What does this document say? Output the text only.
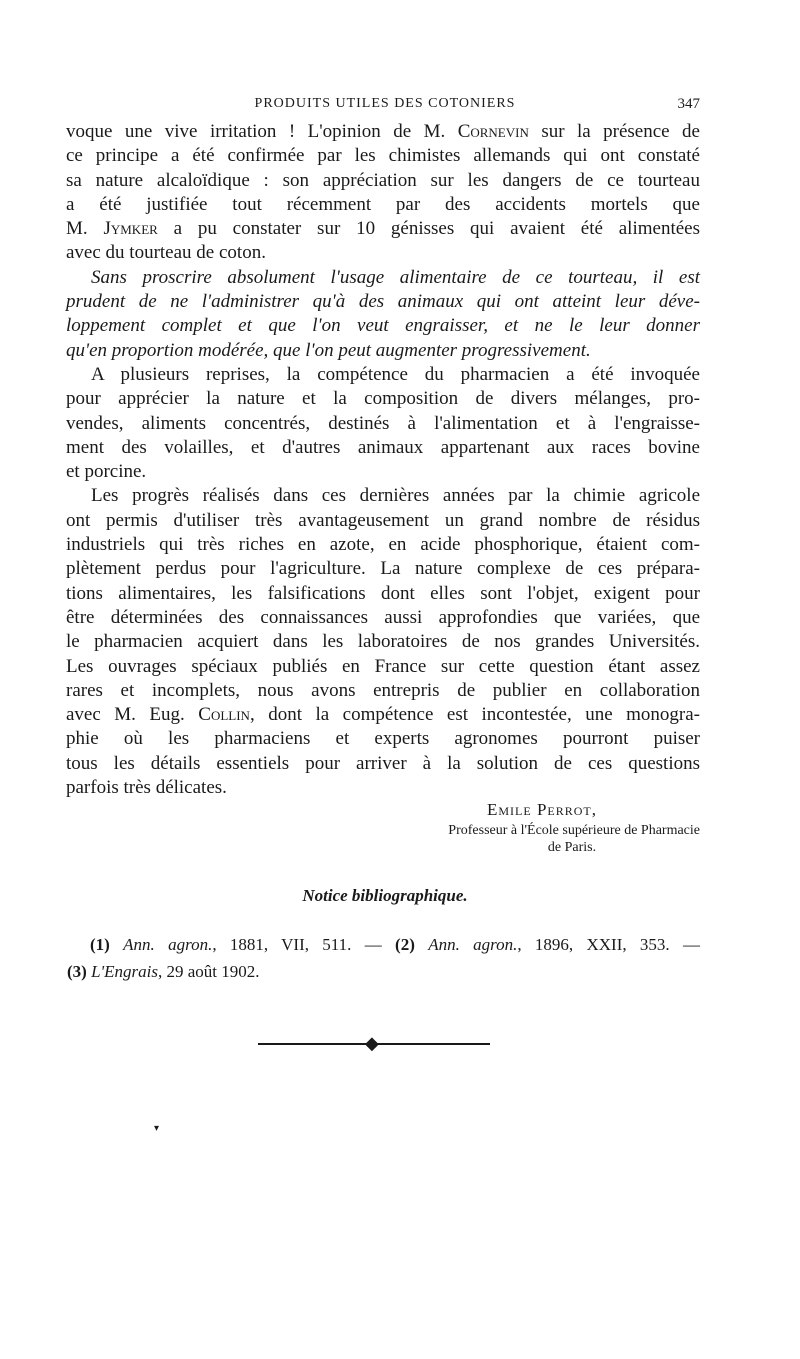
PRODUITS UTILES DES COTONIERS	347
voque une vive irritation ! L'opinion de M. Cornevin sur la présence de
ce principe a été confirmée par les chimistes allemands qui ont constaté
sa nature alcaloïdique : son appréciation sur les dangers de ce tourteau
a été justifiée tout récemment par des accidents mortels que
M. Jymker a pu constater sur 10 génisses qui avaient été alimentées
avec du tourteau de coton.
Sans proscrire absolument l'usage alimentaire de ce tourteau, il est
prudent de ne l'administrer qu'à des animaux qui ont atteint leur déve-
loppement complet et que l'on veut engraisser, et ne le leur donner
qu'en proportion modérée, que l'on peut augmenter progressivement.
A plusieurs reprises, la compétence du pharmacien a été invoquée
pour apprécier la nature et la composition de divers mélanges, pro-
vendes, aliments concentrés, destinés à l'alimentation et à l'engraisse-
ment des volailles, et d'autres animaux appartenant aux races bovine
et porcine.
Les progrès réalisés dans ces dernières années par la chimie agricole
ont permis d'utiliser très avantageusement un grand nombre de résidus
industriels qui très riches en azote, en acide phosphorique, étaient com-
plètement perdus pour l'agriculture. La nature complexe de ces prépara-
tions alimentaires, les falsifications dont elles sont l'objet, exigent pour
être déterminées des connaissances aussi approfondies que variées, que
le pharmacien acquiert dans les laboratoires de nos grandes Universités.
Les ouvrages spéciaux publiés en France sur cette question étant assez
rares et incomplets, nous avons entrepris de publier en collaboration
avec M. Eug. Collin, dont la compétence est incontestée, une monogra-
phie où les pharmaciens et experts agronomes pourront puiser
tous les détails essentiels pour arriver à la solution de ces questions
parfois très délicates.
Emile Perrot,
Professeur à l'École supérieure de Pharmacie
de Paris.
Notice bibliographique.
(1) Ann. agron., 1881, VII, 511. — (2) Ann. agron., 1896, XXII, 353. —
(3) L'Engrais, 29 août 1902.
◆
▾
